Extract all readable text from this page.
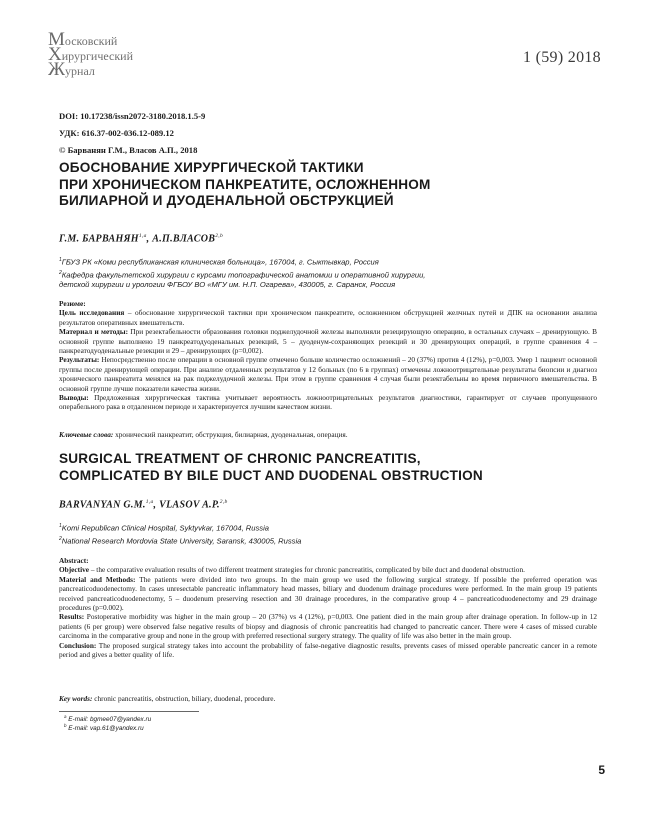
Московский
Хирургический
Журнал
1 (59) 2018
DOI: 10.17238/issn2072-3180.2018.1.5-9
УДК: 616.37-002-036.12-089.12
© Барванян Г.М., Власов А.П., 2018
ОБОСНОВАНИЕ ХИРУРГИЧЕСКОЙ ТАКТИКИ
ПРИ ХРОНИЧЕСКОМ ПАНКРЕАТИТЕ, ОСЛОЖНЕННОМ
БИЛИАРНОЙ И ДУОДЕНАЛЬНОЙ ОБСТРУКЦИЕЙ
Г.М. БАРВАНЯН$^{1,a}$, А.П.ВЛАСОВ$^{2,b}$
$^1$ГБУЗ РК «Коми республиканская клиническая больница», 167004, г. Сыктывкар, Россия
$^2$Кафедра факультетской хирургии с курсами топографической анатомии и оперативной хирургии,
детской хирургии и урологии ФГБОУ ВО «МГУ им. Н.П. Огарева», 430005, г. Саранск, Россия

Резюме:

Цель исследования – обоснование хирургической тактики при хроническом панкреатите, осложненном обструкцией желчных путей и ДПК на основании анализа результатов оперативных вмешательств.

Материал и методы: При резектабельности образования головки поджелудочной железы выполняли резецирующую операцию, в остальных случаях – дренирующую. В основной группе выполнено 19 панкреатодуоденальных резекций, 5 – дуоденум-сохраняющих резекций и 30 дренирующих операций, в группе сравнения 4 – панкреатодуоденальные резекции и 29 – дренирующих (p=0,002).

Результаты: Непосредственно после операции в основной группе отмечено больше количество осложнений – 20 (37%) против 4 (12%), p=0,003. Умер 1 пациент основной группы после дренирующей операции. При анализе отдаленных результатов у 12 больных (по 6 в группах) отмечены ложноотрицательные результаты биопсии и диагноз хронического панкреатита менялся на рак поджелудочной железы. При этом в группе сравнения 4 случая были резектабельны во время первичного вмешательства. В основной группе лучше показатели качества жизни.

Выводы: Предложенная хирургическая тактика учитывает вероятность ложноотрицательных результатов диагностики, гарантирует от случаев пропущенного операбельного рака в отдаленном периоде и характеризуется лучшим качеством жизни.

Ключевые слова: хронический панкреатит, обструкция, билиарная, дуоденальная, операция.
SURGICAL TREATMENT OF CHRONIC PANCREATITIS,
COMPLICATED BY BILE DUCT AND DUODENAL OBSTRUCTION
BARVANYAN G.M.$^{1,a}$, VLASOV A.P.$^{2,b}$
$^1$Komi Republican Clinical Hospital, Syktyvkar, 167004, Russia
$^2$National Research Mordovia State University, Saransk, 430005, Russia

Abstract:

Objective – the comparative evaluation results of two different treatment strategies for chronic pancreatitis, complicated by bile duct and duodenal obstruction.

Material and Methods: The patients were divided into two groups. In the main group we used the following surgical strategy. If possible the preferred operation was pancreaticoduodenectomy. In cases unresectable pancreatic inflammatory head masses, biliary and duodenum drainage procedures were performed. In the main group 19 patients received pancreaticoduodenectomy, 5 – duodenum preserving resection and 30 drainage procedures, in the comparative group 4 – pancreaticoduodenectomy and 29 drainage procedures (p=0.002).

Results: Postoperative morbidity was higher in the main group – 20 (37%) vs 4 (12%), p=0,003. One patient died in the main group after drainage operation. In follow-up in 12 patients (6 per group) were observed false negative results of biopsy and diagnosis of chronic pancreatitis had changed to pancreatic cancer. There were 4 cases of missed curable carcinoma in the comparative group and none in the group with preferred resectional surgery strategy. The quality of life was also better in the main group.

Conclusion: The proposed surgical strategy takes into account the probability of false-negative diagnostic results, prevents cases of missed operable pancreatic cancer in a remote period and gives a better quality of life.

Key words: chronic pancreatitis, obstruction, biliary, duodenal, procedure.
$^a$ E-mail: bgmee07@yandex.ru
$^b$ E-mail: vap.61@yandex.ru
5
